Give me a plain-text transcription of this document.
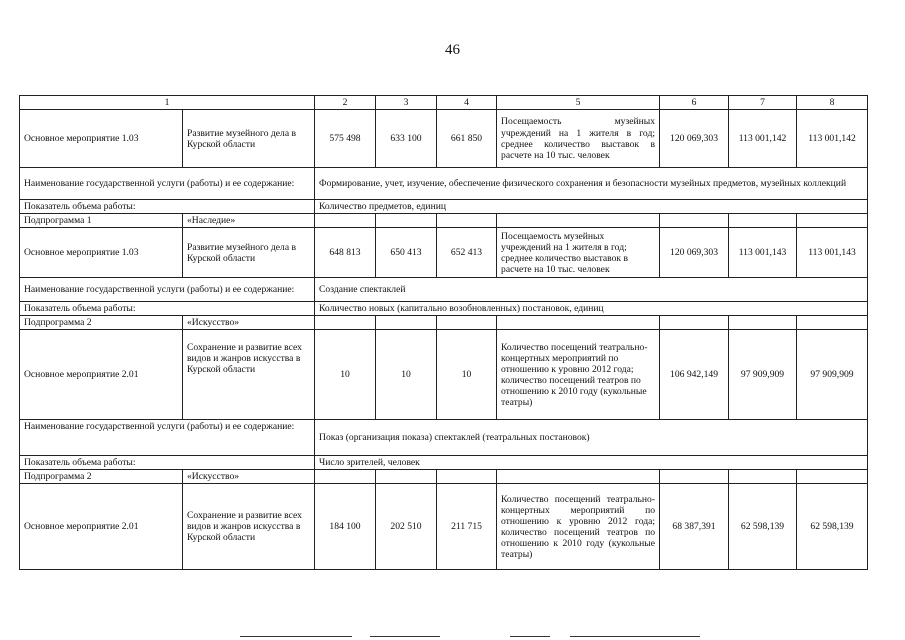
46
1		2	3	4	5	6	7	8
Основное мероприятие 1.03	Развитие музейного дела в Курской области	575 498	633 100	661 850	Посещаемость музейных учреждений на 1 жителя в год; среднее количество выставок в расчете на 10 тыс. человек	120 069,303	113 001,142	113 001,142
Наименование государственной услуги (работы) и ее содержание:		Формирование, учет, изучение, обеспечение физического сохранения и безопасности музейных предметов, музейных коллекций						
Показатель объема работы:		Количество предметов, единиц						
Подпрограмма 1	«Наследие»							
Основное мероприятие 1.03	Развитие музейного дела в Курской области	648 813	650 413	652 413	Посещаемость музейных учреждений на 1 жителя в год; среднее количество выставок в расчете на 10 тыс. человек	120 069,303	113 001,143	113 001,143
Наименование государственной услуги (работы) и ее содержание:		Создание спектаклей						
Показатель объема работы:		Количество новых (капитально возобновленных) постановок, единиц						
Подпрограмма 2	«Искусство»							
Основное мероприятие 2.01	Сохранение и развитие всех видов и жанров искусства в Курской области	10	10	10	Количество посещений театрально-концертных мероприятий по отношению к уровню 2012 года; количество посещений театров по отношению к 2010 году (кукольные театры)	106 942,149	97 909,909	97 909,909
Наименование государственной услуги (работы) и ее содержание:		Показ (организация показа) спектаклей (театральных постановок)						
Показатель объема работы:		Число зрителей, человек						
Подпрограмма 2	«Искусство»							
Основное мероприятие 2.01	Сохранение и развитие всех видов и жанров искусства в Курской области	184 100	202 510	211 715	Количество посещений театрально-концертных мероприятий по отношению к уровню 2012 года; количество посещений театров по отношению к 2010 году (кукольные театры)	68 387,391	62 598,139	62 598,139
